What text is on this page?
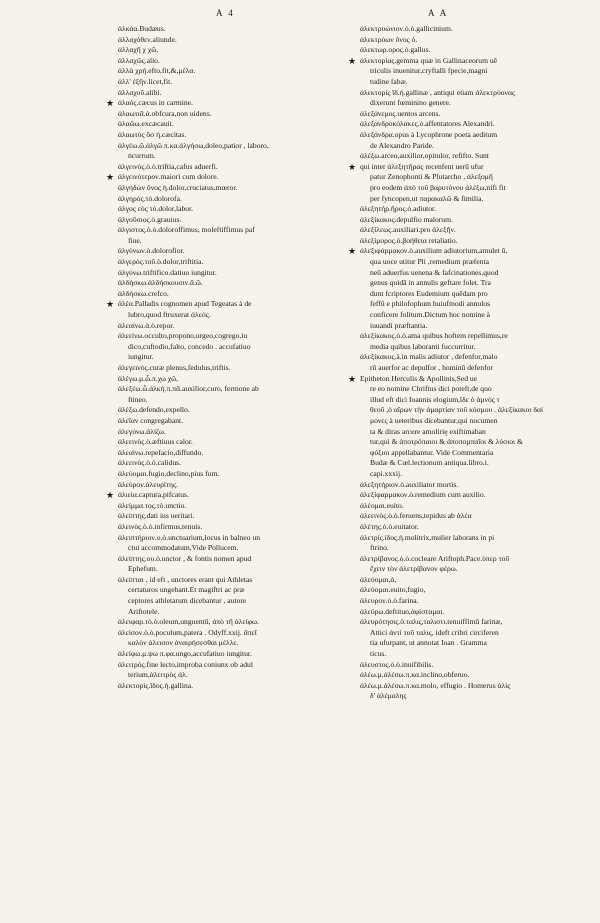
A 4	A A
ἀλκάα.Budæus.
ἀλλαχόθεν.aliunde.
ἀλλαχῆ χ χῶ,
ἀλλαχῶς.alio.
ἀλλὰ χρή.efto,fit,&,μὲλα.
ἀλλ' ἐξῆν.licet,fit.
ἀλλαχοῦ.alibi.
★ ἀλαός.cæcus in carmine.
ἀλαωτιᾶ.ὰ.obfcura,non uidens.
ἀλαῶω.excæcauit.
ἀλαωτύς ὄσ ἡ.cæcitas.
ἀλγέω.ῶ.ἀλγῶ π.κα.ἀλγήσω,doleo,patior , laboro,
ncurrum.
ἀλγεινὸς.ὸ.ὸ.triftia,cafus aduerfi.
★ ἀλγεινότερον.maiori cum dolore.
ἀλγηδὼν ὄνος ἡ.dolor,cruciatus,mœror.
ἀλγηρὸς.τὸ.dolorofa.
ἀλγος εὸς τὸ.dolor,labor.
ἀλγοῦσιος.ὸ.grauius.
ἀλγιστος.ὸ.ὸ.doloroffimus, moleftiffimus paf
fiue.
ἀλγύνων.ὸ.dolorofior.
ἀλγερός.τοῦ.ὸ.dolor,triftitia.
ἀλγύνω.triftifico.datiuo iungitur.
ἀλδήσκω.ἀλδήσκουσιν.ᾶ.ῶ.
ἀλδήσκω.crefco.
★ ἀλέα.Palladis cognomen apud Tegeatas à de
lubro,quod ftruxerat ἀλεός.
ἀλεαίνω.ὰ.ὸ.repor.
ἀλεείνω.occulto,propono,urgeo,cogrego,iu
dico,cuftodio,falto, concedo . accufatiuo
iungitur.
ἀλεγεινὸς.curæ plenus,fedulus,triftis.
ἀλέγω.μ.ὦ.π.χω χῶ,
ἀλεξέω.ὦ.ἀλκὴ.π.πᾶ.auxilior,curo, fermone ab
ftineo.
ἀλέξω.defendo,expello.
ἀλεῖαν congregabant.
ἀλεγύνω.ἀλίζω.
ἀλεεινὸς.ὸ.æftiuus calor.
ἀλεαίνω.repefacio,diffundo.
ἀλεεινὸς.ὸ.ὸ.calidus.
ἀλεύομαι.fugio,declino,pius fum.
ἀλεύρον.ἀλευρίτης.
★ ἀλιεία.captura,pifcatus.
ἀλείμμα.τος.τὸ.unctio.
ἀλείπτης.dati ius ueritari.
ἀλεινὸς.ὸ.ὸ.infirmus,tenuis.
ἀλειπτήριον.ο.ὸ.unctuarium,locus in balneo un
ctui accommodatum,Vide Pollucem.
ἀλείπτης.ου.ὸ.unctor , & fontis nomen apud
Ephefum.
ἀλείπται , id eft , unctores erant qui Athletas
certaturos ungebant.Et magiftri ac præ
ceptores athletarum dicebantur , autore
Ariftotele.
ἀλειφαρ.τὸ.ὸ.oleum,unguentũ, ἀπὸ τῆ ἀλείφω.
ἀλείσον.ὸ.ὸ.poculum,patera . Odyff.xxij. ἄπεῖ
καλὸν ἀλεισον ἀναιρήσεσθαι μέλλε.
ἀλείφω.μ.ψω π.φα.ungo,accufatiuo iungitur.
ἀλειτρὸς.fine lecto,improba coniunx ob adul
terium,ἀλειτρὸς ἀλ.
ἀλεκτορὶς.ἴδος.ἡ.gallina.
ἀλεκτρυώνιον.ὸ.ὸ.gallicinium.
ἀλεκτρύων ὄνος ὁ.
ἀλεκτωρ.ορος.ὁ.gallus.
★ ἀλεκτορίας.gemma quæ in Gallinaceorum uẽ
triculis inuenitur,cryftalli fpecie,magni
tudine fabæ.
ἀλεκτορὶς ἴδ.ἡ.gallinæ , antiqui etiam ἀλεκτρύονας
dixerunt fœminino genere.
ἀλεξάνεμος.uentos arcens.
ἀλεξανδροκόλακες.ὸ.affentatores Alexandri.
ἀλεξάνδρα.opus à Lycophrone poeta aeditum
de Alexandro Paride.
ἀλέξω.arceo,auxilior,opitulor, refifto. Sunt
★ qui inter ἀλεξητῆρας recenfent uerũ ufur
patur Zenophonti & Plutarcho , ἀλεξομῆ
pro eodem ἀπὸ τοῦ βαρυτόνου ἀλέξω,nifi fit
per fyncopen,ut παρακαλῶ & fimilia.
ἀλεξητήρ.ῆρος.ὁ.adiutor.
ἀλεξίκακος.depulfio malorum.
ἀλεξίλεως.auxiliari.pro ἀλεξῆν.
ἀλεξίμορος.ὸ.βοήθεια retaliatio.
★ ἀλεξιφάρμακον.ὸ.auxilium adiutorium,amulet ũ,
qua uoce utitur Pli ,remedium præfenta
neũ aduerfus uenena & fafcinationes,quod
genus quidã in annulis geftare folet. Tra
dunt fcriptores Eudemium quẽdam pro
feffũ e philofophum huiufmodi annulos
conficere folitum.Dictum hoc nomine à
iuuandi præftantia.
ἀλεξίκακος.ὸ.ὸ.ama quibus hoftem repellimus,re
media quibus laboranti fuccurritur.
ἀλεξίκακος.à.in malis adiutor , defenfor,malo
rũ auerfor ac depulfor , hominũ defenfor
★ Epitheton Herculis & Apollinis,Sed ue
re eo nomine Chriftus dici poteft,de quo
illud eft dici Ioannis elogium,ἴδε ὁ ἀμνὸς τ
θεοῦ ,ὁ αἴρων τὴν ἁμαρτίαν τοῦ κόσμου . ἀλεξίκακοι δαί
μονες à ueteribus dicebantur,qui nocumen
ta & diras arcere amolirię exiftimaban
tur,qui & ἀποτρόπαιοι & ἀποπομπαῖοι & λύσιοι &
φύξιοι appellabantur. Vide Commentaria
Budæ & Cœl.lectionum antiqua.libro.i.
capi.xxxij.
ἀλεξητήριον.ὸ.auxiliator mortis.
ἀλεξίφαρμακον.ὸ.remedium cum auxilio.
ἀλέομαι.euito.
ἀλεεινὸς.ὸ.ὸ.feruens,tepidus ab ἀλέα
ἀλέτης.ὸ.ὸ.euitator.
ἀλετρίς.ίδος.ἡ.molitrix,mulier laborans in pi
ftrino.
ἀλετρίβανος.ὸ.ὸ.cocleare Ariftoph.Pace.ὑπερ τοῦ
ἔχειν τὸν ἀλετρίβανον φέρω.
ἀλεύομαι,ἀ,
ἀλεύομαι.euito,fugio,
ἀλευρον.ὸ.ὸ.farina.
ἀλεύρω.deftituo,ἀφίσταμαι.
ἀλευρότησις.ὸ.ταλις,ταλιστι.tenuiffimũ farinæ,
Attici ἀντὶ τοῦ ταλις, ideft cribri circiferen
tia ufurpant, ut annotat Ioan . Gramma
ticus.
ἀλευστος.ὸ.ὸ.inuifibilis.
ἀλέω.μ.ἀλέσω.π.κα.inclino,obferuo.
ἀλέω.μ.ἀλέσω.π.κα.molo, effugio . Homerus ἀλὶς
δ' ἀλέμαλης
